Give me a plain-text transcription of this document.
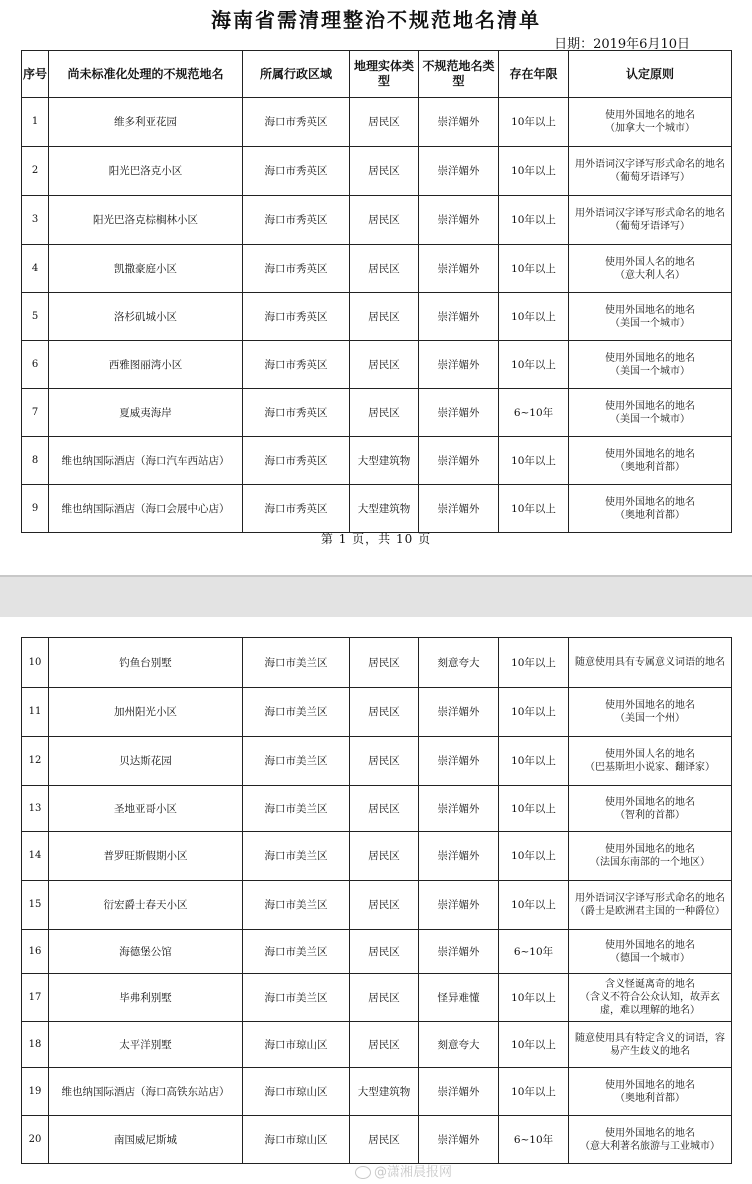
海南省需清理整治不规范地名清单
日期：2019年6月10日
序号	尚未标准化处理的不规范地名	所属行政区域	地理实体类型	不规范地名类型	存在年限	认定原则
1	维多利亚花园	海口市秀英区	居民区	崇洋媚外	10年以上	使用外国地名的地名
（加拿大一个城市）

2	阳光巴洛克小区	海口市秀英区	居民区	崇洋媚外	10年以上	用外语词汉字译写形式命名的地名
（葡萄牙语译写）

3	阳光巴洛克棕榈林小区	海口市秀英区	居民区	崇洋媚外	10年以上	用外语词汉字译写形式命名的地名
（葡萄牙语译写）

4	凯撒豪庭小区	海口市秀英区	居民区	崇洋媚外	10年以上	使用外国人名的地名
（意大利人名）

5	洛杉矶城小区	海口市秀英区	居民区	崇洋媚外	10年以上	使用外国地名的地名
（美国一个城市）

6	西雅图丽湾小区	海口市秀英区	居民区	崇洋媚外	10年以上	使用外国地名的地名
（美国一个城市）

7	夏威夷海岸	海口市秀英区	居民区	崇洋媚外	6~10年	使用外国地名的地名
（美国一个城市）

8	维也纳国际酒店（海口汽车西站店）	海口市秀英区	大型建筑物	崇洋媚外	10年以上	使用外国地名的地名
（奥地利首都）

9	维也纳国际酒店（海口会展中心店）	海口市秀英区	大型建筑物	崇洋媚外	10年以上	使用外国地名的地名
（奥地利首都）
第 1 页，共 10 页
10	钓鱼台别墅	海口市美兰区	居民区	刻意夸大	10年以上	随意使用具有专属意义词语的地名

11	加州阳光小区	海口市美兰区	居民区	崇洋媚外	10年以上	使用外国地名的地名
（美国一个州）

12	贝达斯花园	海口市美兰区	居民区	崇洋媚外	10年以上	使用外国人名的地名
（巴基斯坦小说家、翻译家）

13	圣地亚哥小区	海口市美兰区	居民区	崇洋媚外	10年以上	使用外国地名的地名
（智利的首都）

14	普罗旺斯假期小区	海口市美兰区	居民区	崇洋媚外	10年以上	使用外国地名的地名
（法国东南部的一个地区）

15	衍宏爵士春天小区	海口市美兰区	居民区	崇洋媚外	10年以上	用外语词汉字译写形式命名的地名
（爵士是欧洲君主国的一种爵位）

16	海德堡公馆	海口市美兰区	居民区	崇洋媚外	6~10年	使用外国地名的地名
（德国一个城市）

17	毕弗利别墅	海口市美兰区	居民区	怪异难懂	10年以上	含义怪诞离奇的地名
（含义不符合公众认知，故弄玄
虚，难以理解的地名）

18	太平洋别墅	海口市琼山区	居民区	刻意夸大	10年以上	随意使用具有特定含义的词语，容
易产生歧义的地名

19	维也纳国际酒店（海口高铁东站店）	海口市琼山区	大型建筑物	崇洋媚外	10年以上	使用外国地名的地名
（奥地利首都）

20	南国威尼斯城	海口市琼山区	居民区	崇洋媚外	6~10年	使用外国地名的地名
（意大利著名旅游与工业城市）
@潇湘晨报网
